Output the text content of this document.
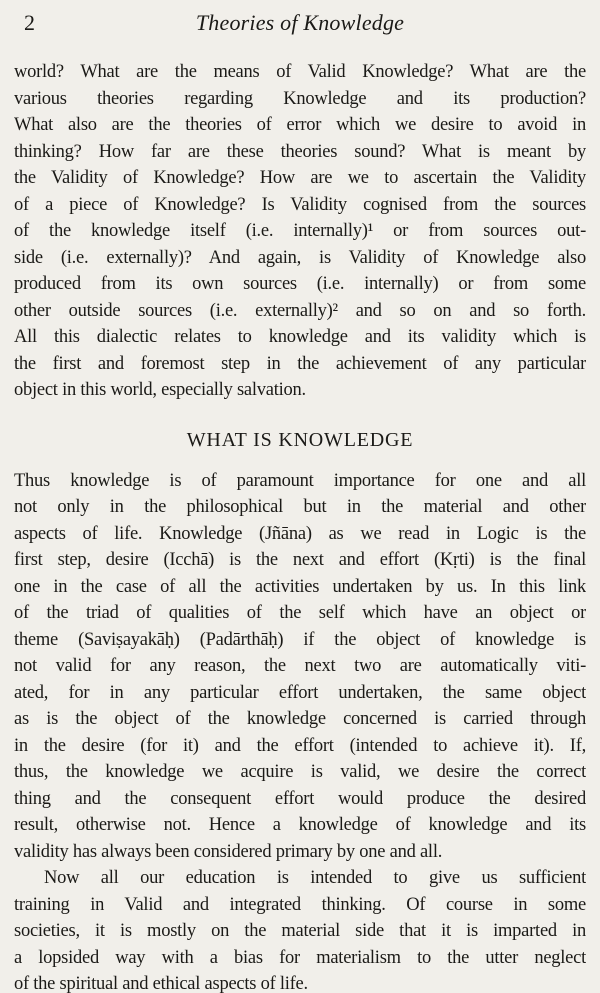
2	Theories of Knowledge
world? What are the means of Valid Knowledge? What are the
various theories regarding Knowledge and its production?
What also are the theories of error which we desire to avoid in
thinking? How far are these theories sound? What is meant by
the Validity of Knowledge? How are we to ascertain the Validity
of a piece of Knowledge? Is Validity cognised from the sources
of the knowledge itself (i.e. internally)¹ or from sources out-
side (i.e. externally)? And again, is Validity of Knowledge also
produced from its own sources (i.e. internally) or from some
other outside sources (i.e. externally)² and so on and so forth.
All this dialectic relates to knowledge and its validity which is
the first and foremost step in the achievement of any particular
object in this world, especially salvation.
WHAT IS KNOWLEDGE
Thus knowledge is of paramount importance for one and all
not only in the philosophical but in the material and other
aspects of life. Knowledge (Jñāna) as we read in Logic is the
first step, desire (Icchā) is the next and effort (Kṛti) is the final
one in the case of all the activities undertaken by us. In this link
of the triad of qualities of the self which have an object or
theme (Saviṣayakāḥ) (Padārthāḥ) if the object of knowledge is
not valid for any reason, the next two are automatically viti-
ated, for in any particular effort undertaken, the same object
as is the object of the knowledge concerned is carried through
in the desire (for it) and the effort (intended to achieve it). If,
thus, the knowledge we acquire is valid, we desire the correct
thing and the consequent effort would produce the desired
result, otherwise not. Hence a knowledge of knowledge and its
validity has always been considered primary by one and all.
Now all our education is intended to give us sufficient
training in Valid and integrated thinking. Of course in some
societies, it is mostly on the material side that it is imparted in
a lopsided way with a bias for materialism to the utter neglect
of the spiritual and ethical aspects of life.
